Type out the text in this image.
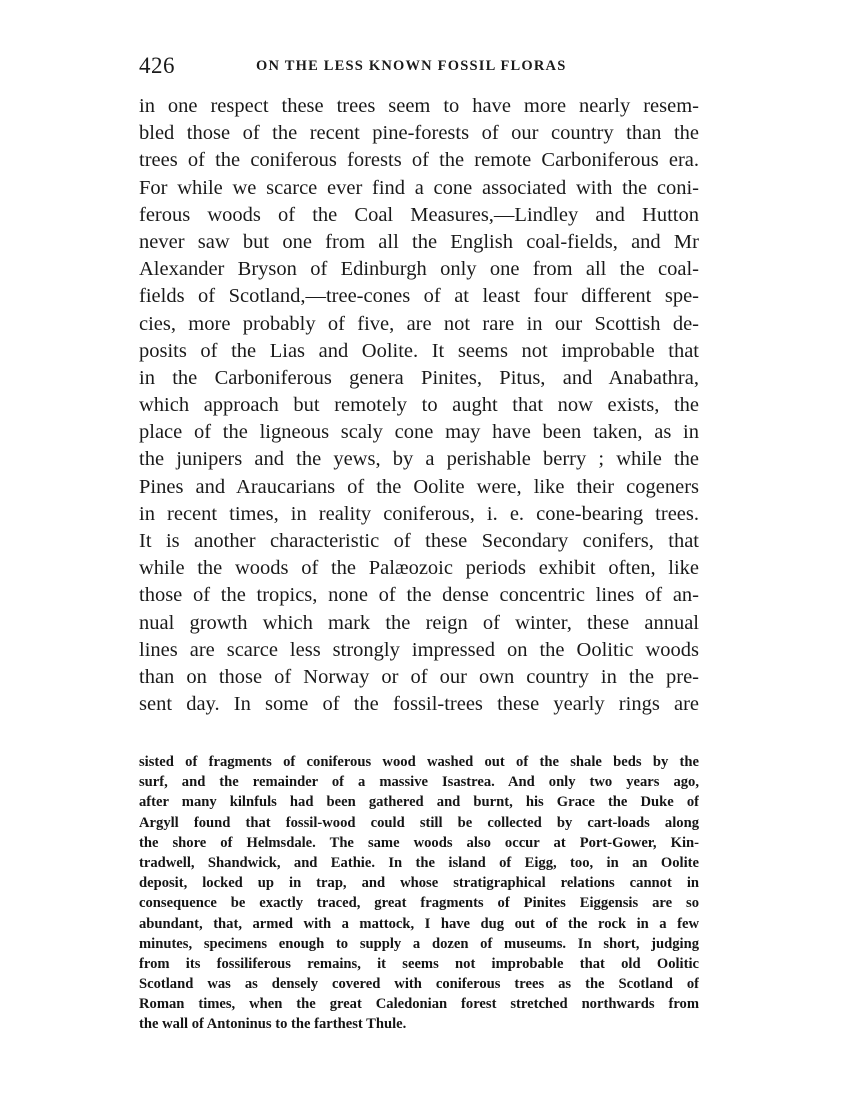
426	ON THE LESS KNOWN FOSSIL FLORAS
in one respect these trees seem to have more nearly resem-
bled those of the recent pine-forests of our country than the
trees of the coniferous forests of the remote Carboniferous era.
For while we scarce ever find a cone associated with the coni-
ferous woods of the Coal Measures,—Lindley and Hutton
never saw but one from all the English coal-fields, and Mr
Alexander Bryson of Edinburgh only one from all the coal-
fields of Scotland,—tree-cones of at least four different spe-
cies, more probably of five, are not rare in our Scottish de-
posits of the Lias and Oolite. It seems not improbable that
in the Carboniferous genera Pinites, Pitus, and Anabathra,
which approach but remotely to aught that now exists, the
place of the ligneous scaly cone may have been taken, as in
the junipers and the yews, by a perishable berry ; while the
Pines and Araucarians of the Oolite were, like their cogeners
in recent times, in reality coniferous, i. e. cone-bearing trees.
It is another characteristic of these Secondary conifers, that
while the woods of the Palæozoic periods exhibit often, like
those of the tropics, none of the dense concentric lines of an-
nual growth which mark the reign of winter, these annual
lines are scarce less strongly impressed on the Oolitic woods
than on those of Norway or of our own country in the pre-
sent day. In some of the fossil-trees these yearly rings are
sisted of fragments of coniferous wood washed out of the shale beds by the
surf, and the remainder of a massive Isastrea. And only two years ago,
after many kilnfuls had been gathered and burnt, his Grace the Duke of
Argyll found that fossil-wood could still be collected by cart-loads along
the shore of Helmsdale. The same woods also occur at Port-Gower, Kin-
tradwell, Shandwick, and Eathie. In the island of Eigg, too, in an Oolite
deposit, locked up in trap, and whose stratigraphical relations cannot in
consequence be exactly traced, great fragments of Pinites Eiggensis are so
abundant, that, armed with a mattock, I have dug out of the rock in a few
minutes, specimens enough to supply a dozen of museums. In short, judging
from its fossiliferous remains, it seems not improbable that old Oolitic
Scotland was as densely covered with coniferous trees as the Scotland of
Roman times, when the great Caledonian forest stretched northwards from
the wall of Antoninus to the farthest Thule.
